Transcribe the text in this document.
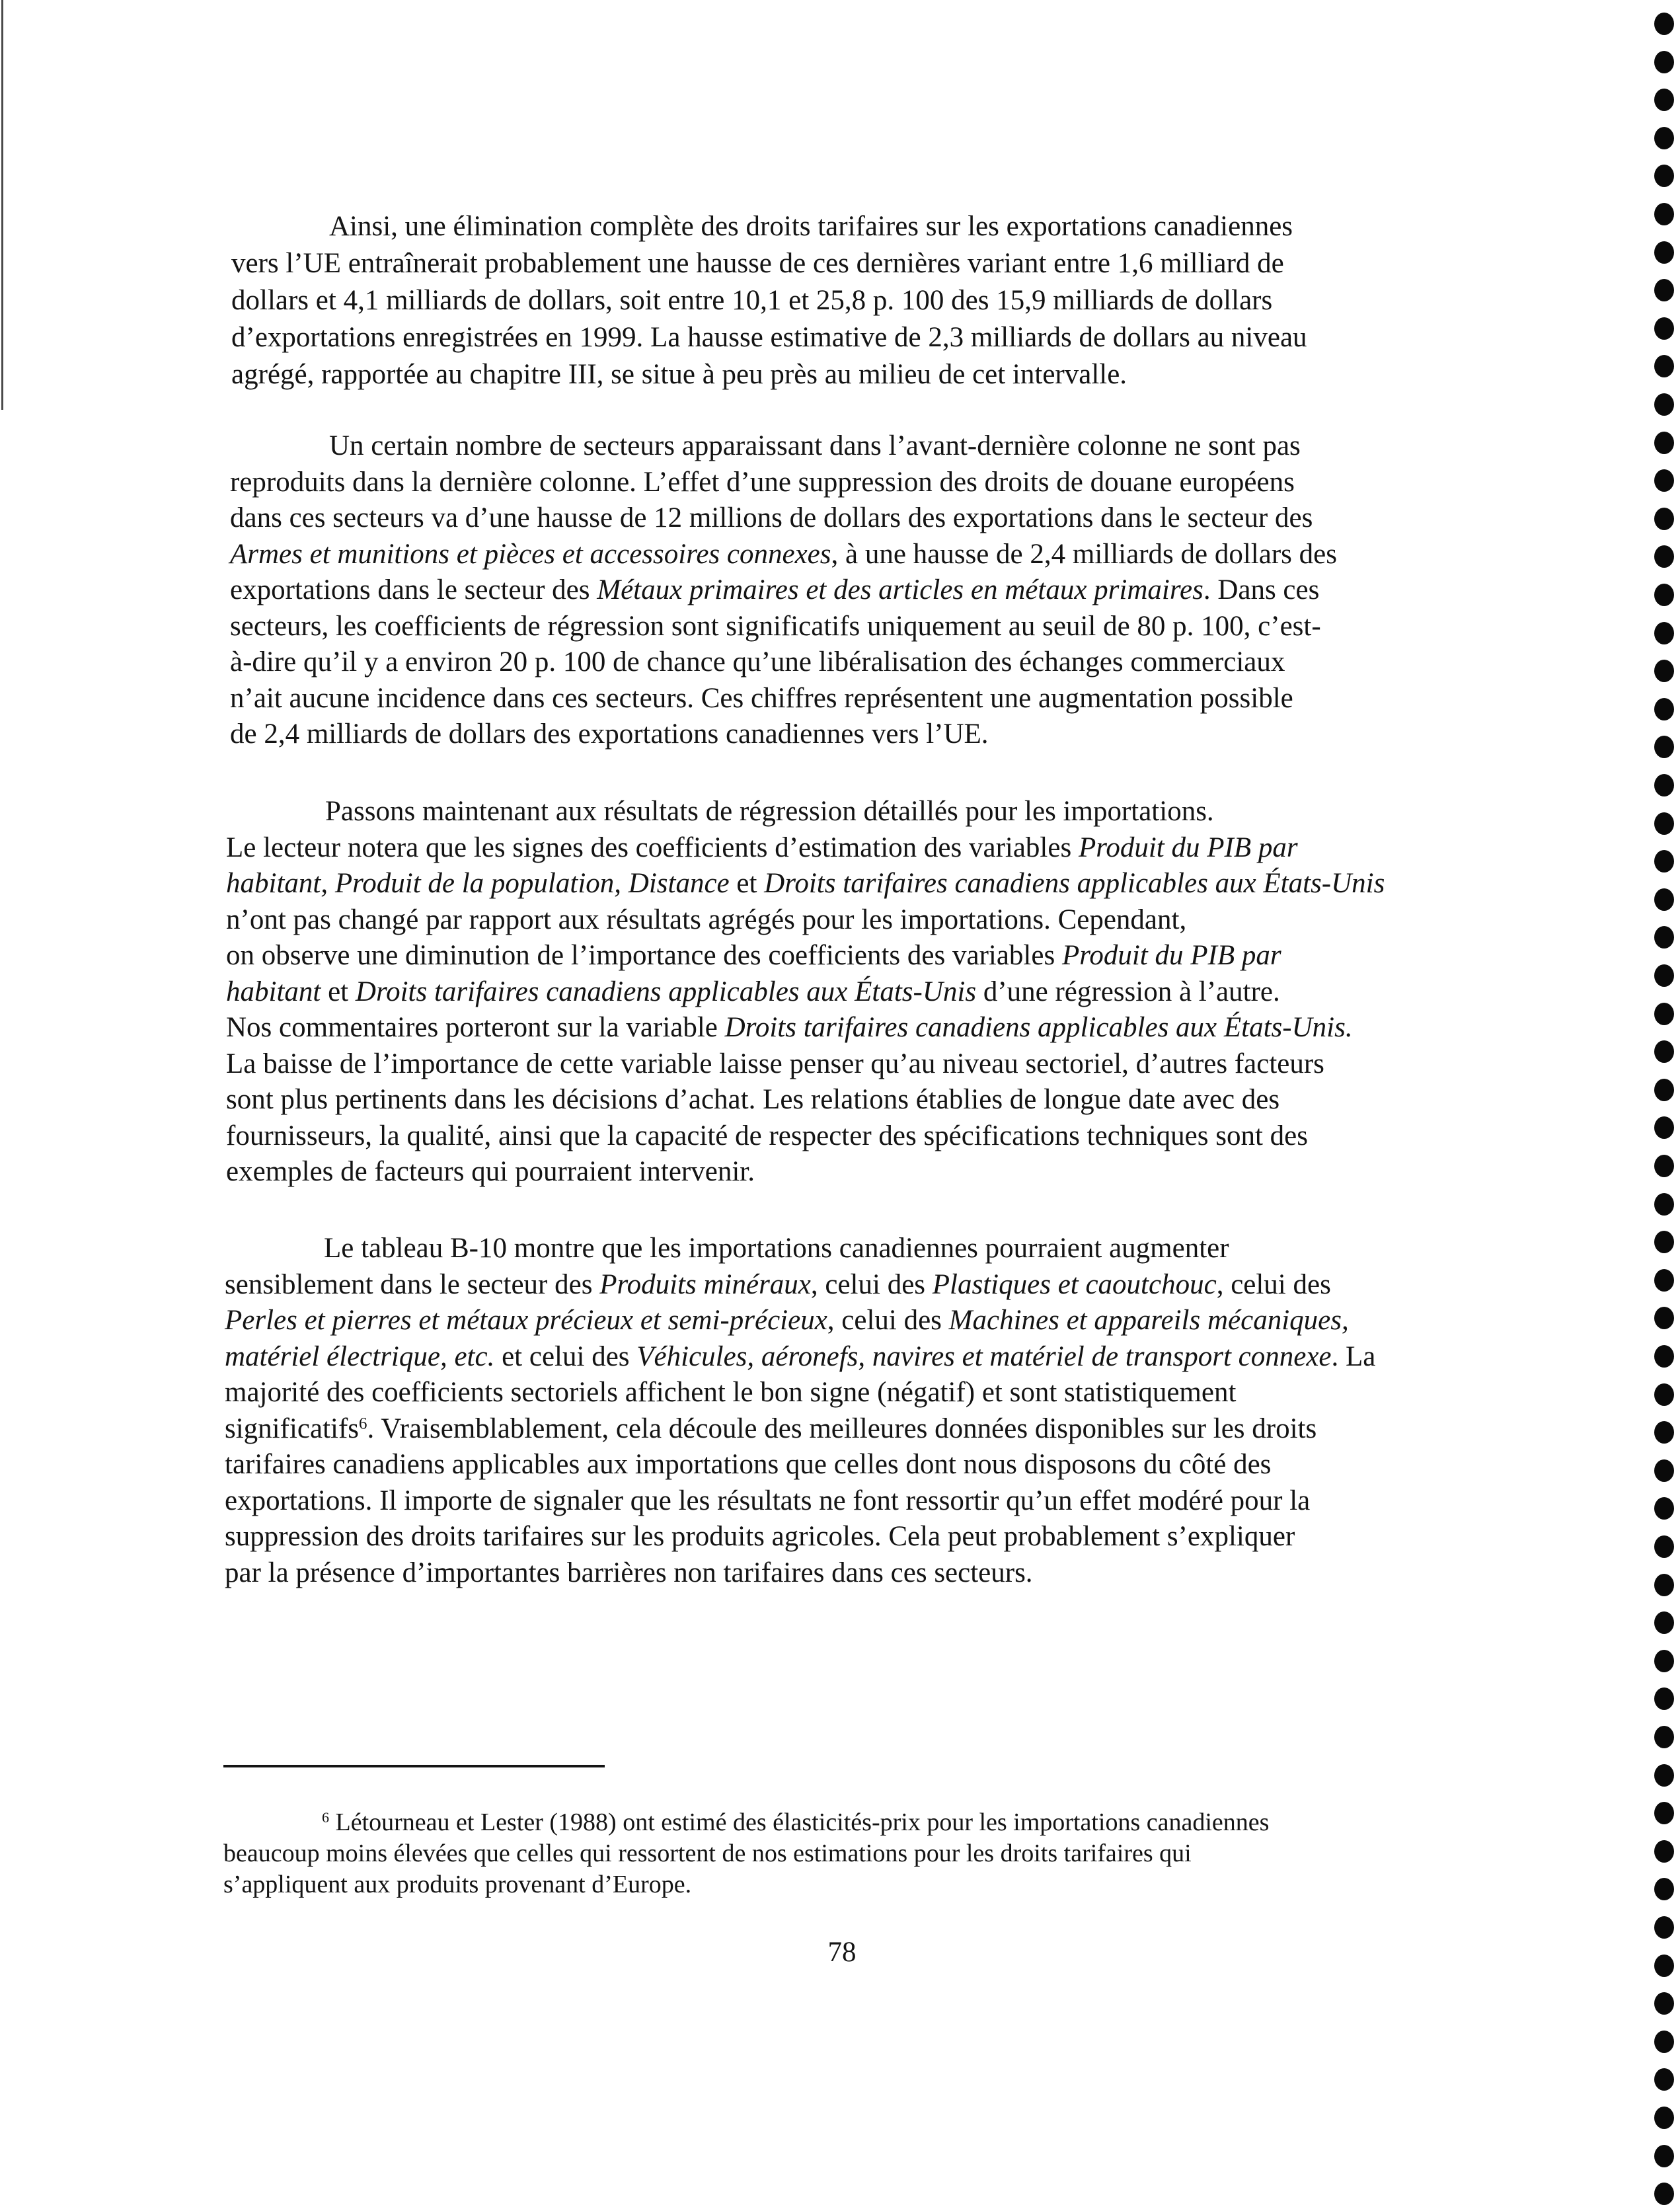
Ainsi, une élimination complète des droits tarifaires sur les exportations canadiennes
vers l’UE entraînerait probablement une hausse de ces dernières variant entre 1,6 milliard de
dollars et 4,1 milliards de dollars, soit entre 10,1 et 25,8 p. 100 des 15,9 milliards de dollars
d’exportations enregistrées en 1999. La hausse estimative de 2,3 milliards de dollars au niveau
agrégé, rapportée au chapitre III, se situe à peu près au milieu de cet intervalle.
Un certain nombre de secteurs apparaissant dans l’avant-dernière colonne ne sont pas
reproduits dans la dernière colonne. L’effet d’une suppression des droits de douane européens
dans ces secteurs va d’une hausse de 12 millions de dollars des exportations dans le secteur des
Armes et munitions et pièces et accessoires connexes, à une hausse de 2,4 milliards de dollars des
exportations dans le secteur des Métaux primaires et des articles en métaux primaires. Dans ces
secteurs, les coefficients de régression sont significatifs uniquement au seuil de 80 p. 100, c’est-
à-dire qu’il y a environ 20 p. 100 de chance qu’une libéralisation des échanges commerciaux
n’ait aucune incidence dans ces secteurs. Ces chiffres représentent une augmentation possible
de 2,4 milliards de dollars des exportations canadiennes vers l’UE.
Passons maintenant aux résultats de régression détaillés pour les importations.
Le lecteur notera que les signes des coefficients d’estimation des variables Produit du PIB par
habitant, Produit de la population, Distance et Droits tarifaires canadiens applicables aux États-Unis
n’ont pas changé par rapport aux résultats agrégés pour les importations. Cependant,
on observe une diminution de l’importance des coefficients des variables Produit du PIB par
habitant et Droits tarifaires canadiens applicables aux États-Unis d’une régression à l’autre.
Nos commentaires porteront sur la variable Droits tarifaires canadiens applicables aux États-Unis.
La baisse de l’importance de cette variable laisse penser qu’au niveau sectoriel, d’autres facteurs
sont plus pertinents dans les décisions d’achat. Les relations établies de longue date avec des
fournisseurs, la qualité, ainsi que la capacité de respecter des spécifications techniques sont des
exemples de facteurs qui pourraient intervenir.
Le tableau B-10 montre que les importations canadiennes pourraient augmenter
sensiblement dans le secteur des Produits minéraux, celui des Plastiques et caoutchouc, celui des
Perles et pierres et métaux précieux et semi-précieux, celui des Machines et appareils mécaniques,
matériel électrique, etc. et celui des Véhicules, aéronefs, navires et matériel de transport connexe. La
majorité des coefficients sectoriels affichent le bon signe (négatif) et sont statistiquement
significatifs$^6$. Vraisemblablement, cela découle des meilleures données disponibles sur les droits
tarifaires canadiens applicables aux importations que celles dont nous disposons du côté des
exportations. Il importe de signaler que les résultats ne font ressortir qu’un effet modéré pour la
suppression des droits tarifaires sur les produits agricoles. Cela peut probablement s’expliquer
par la présence d’importantes barrières non tarifaires dans ces secteurs.
$^6$ Létourneau et Lester (1988) ont estimé des élasticités-prix pour les importations canadiennes
beaucoup moins élevées que celles qui ressortent de nos estimations pour les droits tarifaires qui
s’appliquent aux produits provenant d’Europe.
78
